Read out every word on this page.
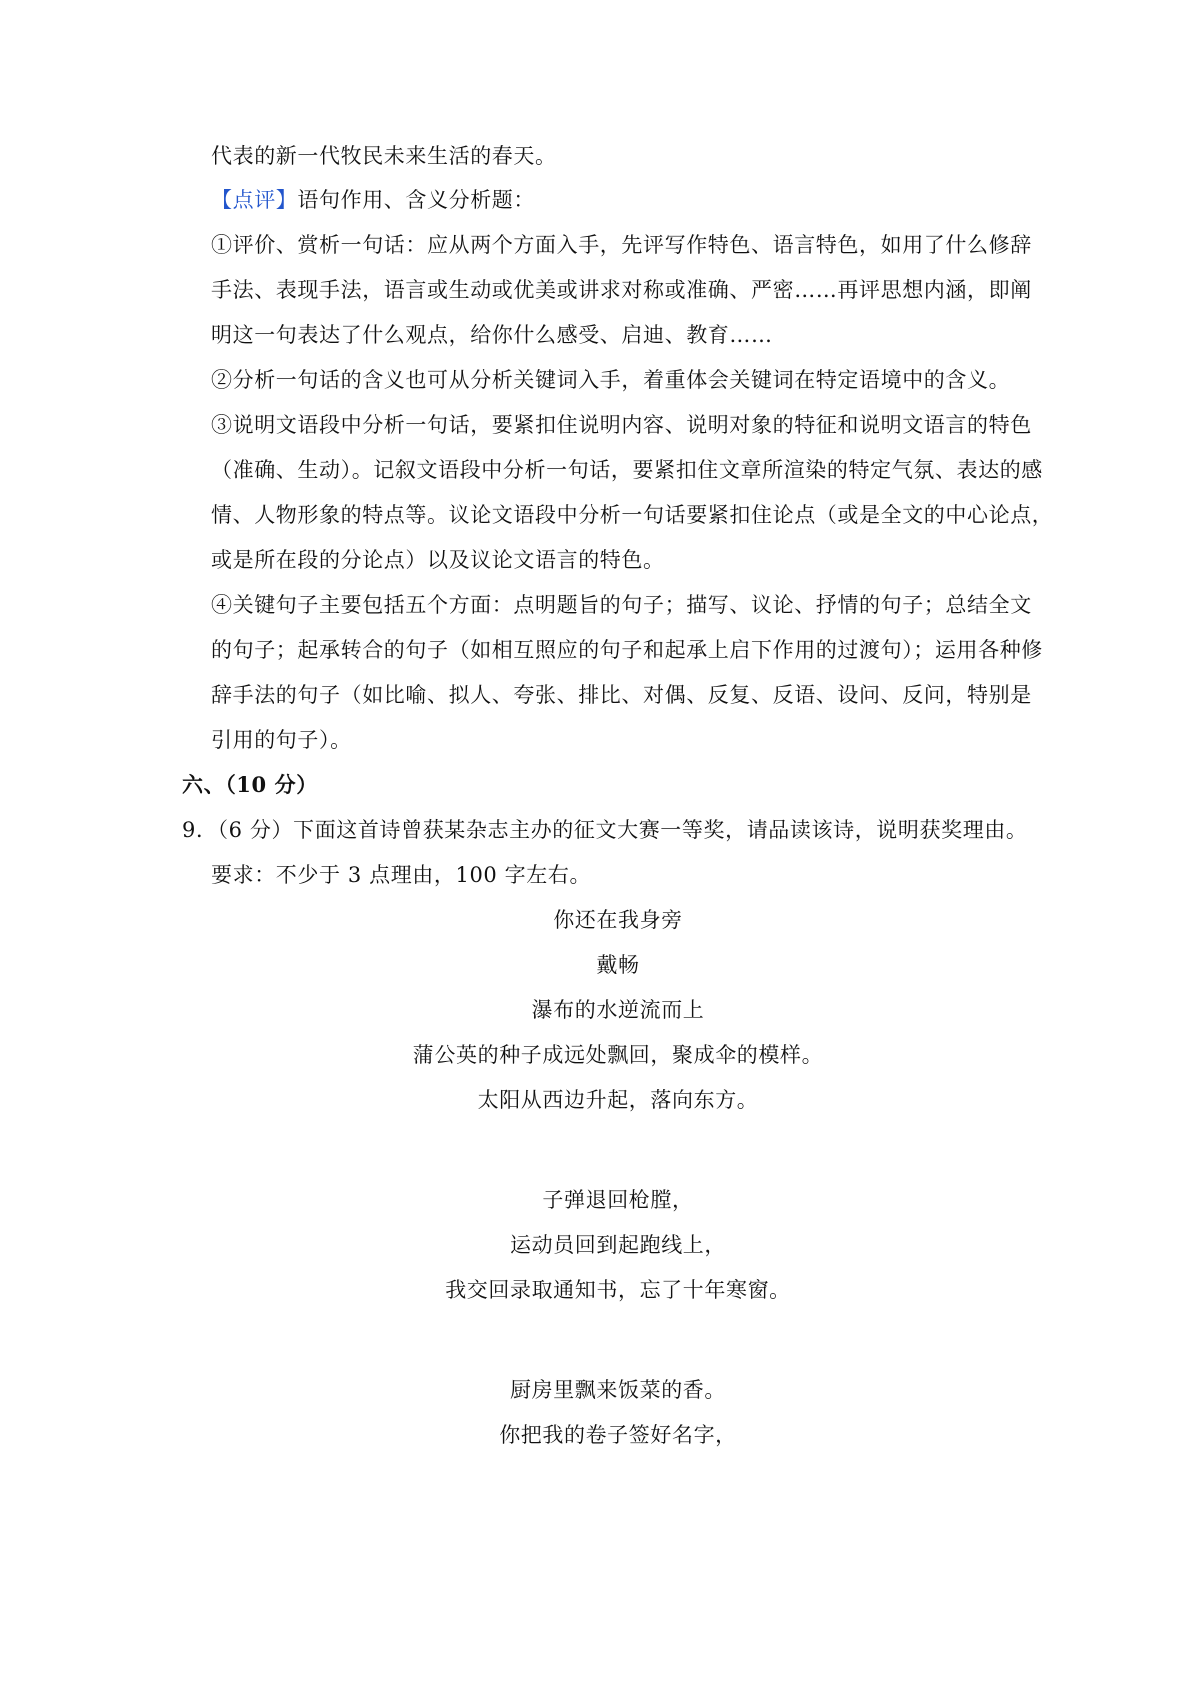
代表的新一代牧民未来生活的春天。
【点评】语句作用、含义分析题：
①评价、赏析一句话：应从两个方面入手，先评写作特色、语言特色，如用了什么修辞
手法、表现手法，语言或生动或优美或讲求对称或准确、严密……再评思想内涵，即阐
明这一句表达了什么观点，给你什么感受、启迪、教育……
②分析一句话的含义也可从分析关键词入手，着重体会关键词在特定语境中的含义。
③说明文语段中分析一句话，要紧扣住说明内容、说明对象的特征和说明文语言的特色
（准确、生动）。记叙文语段中分析一句话，要紧扣住文章所渲染的特定气氛、表达的感
情、人物形象的特点等。议论文语段中分析一句话要紧扣住论点（或是全文的中心论点，
或是所在段的分论点）以及议论文语言的特色。
④关键句子主要包括五个方面：点明题旨的句子；描写、议论、抒情的句子；总结全文
的句子；起承转合的句子（如相互照应的句子和起承上启下作用的过渡句）；运用各种修
辞手法的句子（如比喻、拟人、夸张、排比、对偶、反复、反语、设问、反问，特别是
引用的句子）。
六、（10 分）
9．（6 分）下面这首诗曾获某杂志主办的征文大赛一等奖，请品读该诗，说明获奖理由。
要求：不少于 3 点理由，100 字左右。
你还在我身旁
戴畅
瀑布的水逆流而上
蒲公英的种子成远处飘回，聚成伞的模样。
太阳从西边升起，落向东方。
子弹退回枪膛，
运动员回到起跑线上，
我交回录取通知书，忘了十年寒窗。
厨房里飘来饭菜的香。
你把我的卷子签好名字，
